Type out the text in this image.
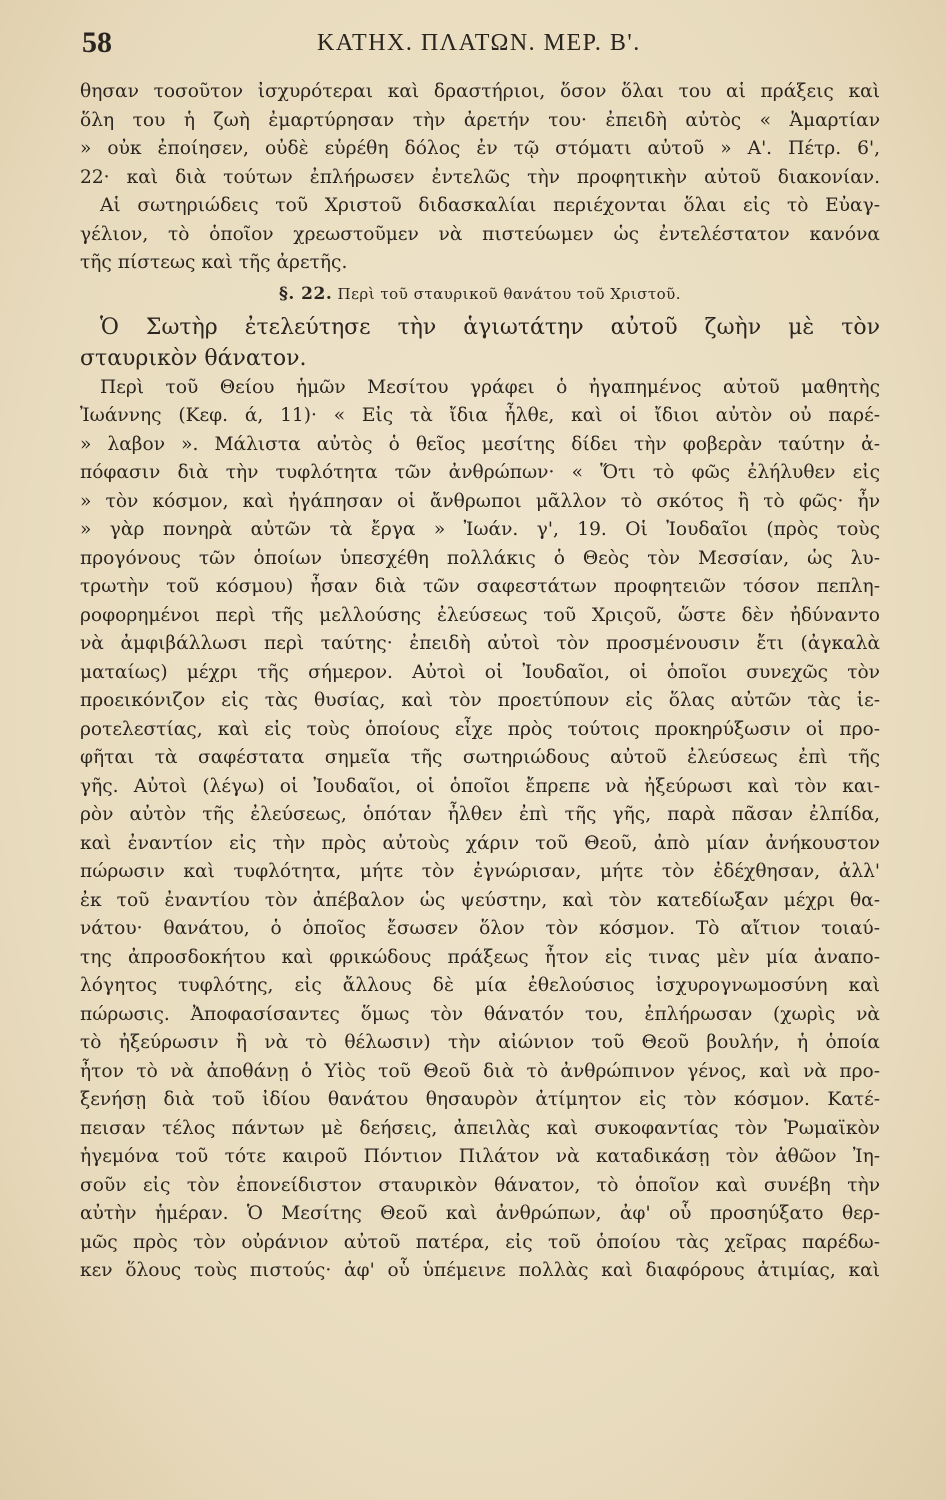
58	ΚΑΤΗΧ. ΠΛΑΤΩΝ. ΜΕΡ. Β'.
θησαν τοσοῦτον ἰσχυρότεραι καὶ δραστήριοι, ὅσον ὅλαι του αἱ πράξεις καὶ
ὅλη του ἡ ζωὴ ἐμαρτύρησαν τὴν ἀρετήν του· ἐπειδὴ αὐτὸς « Ἁμαρτίαν
» οὐκ ἐποίησεν, οὐδὲ εὑρέθη δόλος ἐν τῷ στόματι αὐτοῦ » Α'. Πέτρ. 6',
22· καὶ διὰ τούτων ἐπλήρωσεν ἐντελῶς τὴν προφητικὴν αὐτοῦ διακονίαν.
Αἱ σωτηριώδεις τοῦ Χριστοῦ διδασκαλίαι περιέχονται ὅλαι εἰς τὸ Εὐαγ-
γέλιον, τὸ ὁποῖον χρεωστοῦμεν νὰ πιστεύωμεν ὡς ἐντελέστατον κανόνα
τῆς πίστεως καὶ τῆς ἀρετῆς.
§. 22. Περὶ τοῦ σταυρικοῦ θανάτου τοῦ Χριστοῦ.
Ὁ Σωτὴρ ἐτελεύτησε τὴν ἁγιωτάτην αὐτοῦ ζωὴν μὲ τὸν
σταυρικὸν θάνατον.
Περὶ τοῦ Θείου ἡμῶν Μεσίτου γράφει ὁ ἠγαπημένος αὐτοῦ μαθητὴς
Ἰωάννης (Κεφ. ά, 11)· « Εἰς τὰ ἴδια ἦλθε, καὶ οἱ ἴδιοι αὐτὸν οὐ παρέ-
» λαβον ». Μάλιστα αὐτὸς ὁ θεῖος μεσίτης δίδει τὴν φοβερὰν ταύτην ἀ-
πόφασιν διὰ τὴν τυφλότητα τῶν ἀνθρώπων· « Ὅτι τὸ φῶς ἐλήλυθεν εἰς
» τὸν κόσμον, καὶ ἠγάπησαν οἱ ἄνθρωποι μᾶλλον τὸ σκότος ἢ τὸ φῶς· ἦν
» γὰρ πονηρὰ αὐτῶν τὰ ἔργα » Ἰωάν. γ', 19. Οἱ Ἰουδαῖοι (πρὸς τοὺς
προγόνους τῶν ὁποίων ὑπεσχέθη πολλάκις ὁ Θεὸς τὸν Μεσσίαν, ὡς λυ-
τρωτὴν τοῦ κόσμου) ἦσαν διὰ τῶν σαφεστάτων προφητειῶν τόσον πεπλη-
ροφορημένοι περὶ τῆς μελλούσης ἐλεύσεως τοῦ Χριςοῦ, ὥστε δὲν ἠδύναντο
νὰ ἀμφιβάλλωσι περὶ ταύτης· ἐπειδὴ αὐτοὶ τὸν προσμένουσιν ἔτι (ἀγκαλὰ
ματαίως) μέχρι τῆς σήμερον. Αὐτοὶ οἱ Ἰουδαῖοι, οἱ ὁποῖοι συνεχῶς τὸν
προεικόνιζον εἰς τὰς θυσίας, καὶ τὸν προετύπουν εἰς ὅλας αὐτῶν τὰς ἱε-
ροτελεστίας, καὶ εἰς τοὺς ὁποίους εἶχε πρὸς τούτοις προκηρύξωσιν οἱ προ-
φῆται τὰ σαφέστατα σημεῖα τῆς σωτηριώδους αὐτοῦ ἐλεύσεως ἐπὶ τῆς
γῆς. Αὐτοὶ (λέγω) οἱ Ἰουδαῖοι, οἱ ὁποῖοι ἔπρεπε νὰ ἠξεύρωσι καὶ τὸν και-
ρὸν αὐτὸν τῆς ἐλεύσεως, ὁπόταν ἦλθεν ἐπὶ τῆς γῆς, παρὰ πᾶσαν ἐλπίδα,
καὶ ἐναντίον εἰς τὴν πρὸς αὐτοὺς χάριν τοῦ Θεοῦ, ἀπὸ μίαν ἀνήκουστον
πώρωσιν καὶ τυφλότητα, μήτε τὸν ἐγνώρισαν, μήτε τὸν ἐδέχθησαν, ἀλλ'
ἐκ τοῦ ἐναντίου τὸν ἀπέβαλον ὡς ψεύστην, καὶ τὸν κατεδίωξαν μέχρι θα-
νάτου· θανάτου, ὁ ὁποῖος ἔσωσεν ὅλον τὸν κόσμον. Τὸ αἴτιον τοιαύ-
της ἀπροσδοκήτου καὶ φρικώδους πράξεως ἦτον εἰς τινας μὲν μία ἀναπο-
λόγητος τυφλότης, εἰς ἄλλους δὲ μία ἐθελούσιος ἰσχυρογνωμοσύνη καὶ
πώρωσις. Ἀποφασίσαντες ὅμως τὸν θάνατόν του, ἐπλήρωσαν (χωρὶς νὰ
τὸ ἠξεύρωσιν ἢ νὰ τὸ θέλωσιν) τὴν αἰώνιον τοῦ Θεοῦ βουλήν, ἡ ὁποία
ἦτον τὸ νὰ ἀποθάνῃ ὁ Υἱὸς τοῦ Θεοῦ διὰ τὸ ἀνθρώπινον γένος, καὶ νὰ προ-
ξενήσῃ διὰ τοῦ ἰδίου θανάτου θησαυρὸν ἀτίμητον εἰς τὸν κόσμον. Κατέ-
πεισαν τέλος πάντων μὲ δεήσεις, ἀπειλὰς καὶ συκοφαντίας τὸν Ῥωμαϊκὸν
ἡγεμόνα τοῦ τότε καιροῦ Πόντιον Πιλάτον νὰ καταδικάσῃ τὸν ἀθῶον Ἰη-
σοῦν εἰς τὸν ἐπονείδιστον σταυρικὸν θάνατον, τὸ ὁποῖον καὶ συνέβη τὴν
αὐτὴν ἡμέραν. Ὁ Μεσίτης Θεοῦ καὶ ἀνθρώπων, ἀφ' οὗ προσηύξατο θερ-
μῶς πρὸς τὸν οὐράνιον αὐτοῦ πατέρα, εἰς τοῦ ὁποίου τὰς χεῖρας παρέδω-
κεν ὅλους τοὺς πιστούς· ἀφ' οὗ ὑπέμεινε πολλὰς καὶ διαφόρους ἀτιμίας, καὶ
